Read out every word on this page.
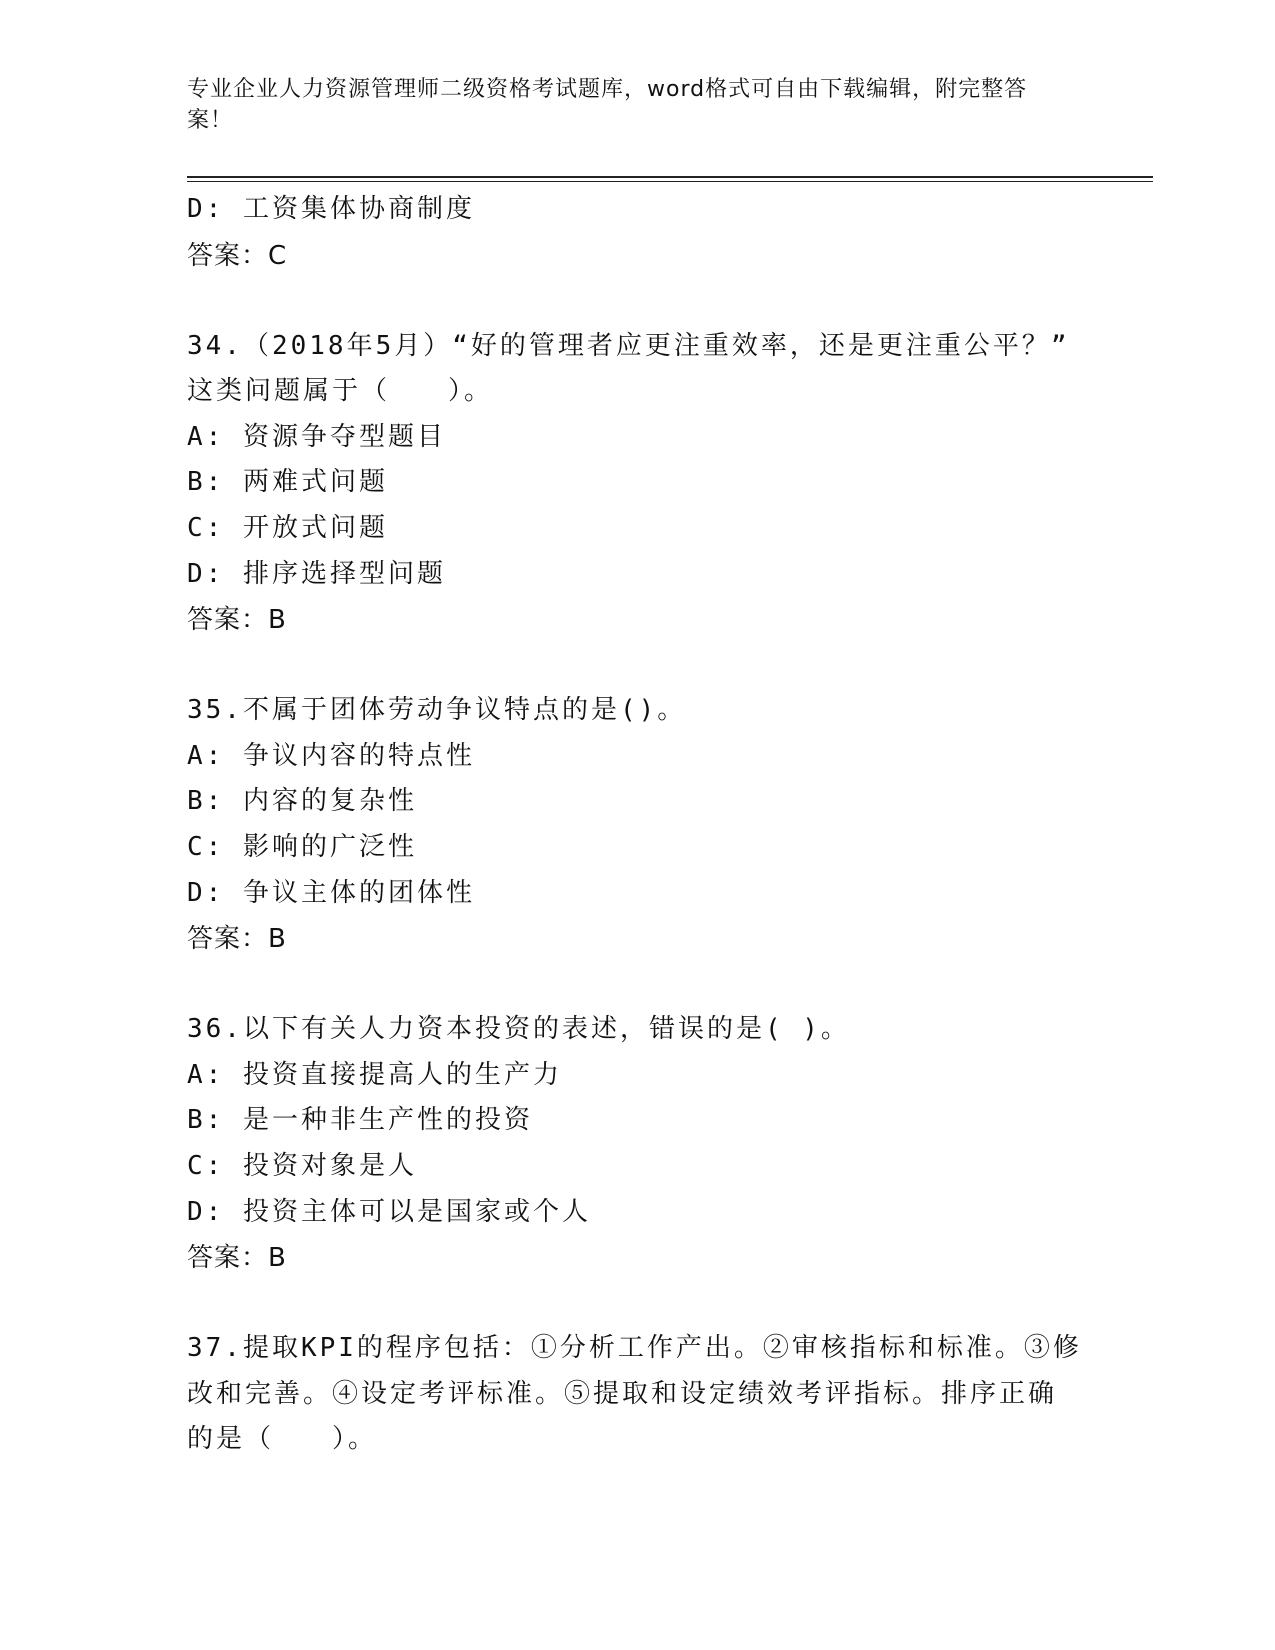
专业企业人力资源管理师二级资格考试题库，word格式可自由下载编辑，附完整答案！
D: 工资集体协商制度
答案：C
34.（2018年5月）“好的管理者应更注重效率，还是更注重公平？”
这类问题属于（　　）。
A: 资源争夺型题目
B: 两难式问题
C: 开放式问题
D: 排序选择型问题
答案：B
35.不属于团体劳动争议特点的是()。
A: 争议内容的特点性
B: 内容的复杂性
C: 影响的广泛性
D: 争议主体的团体性
答案：B
36.以下有关人力资本投资的表述，错误的是( )。
A: 投资直接提高人的生产力
B: 是一种非生产性的投资
C: 投资对象是人
D: 投资主体可以是国家或个人
答案：B
37.提取KPI的程序包括：①分析工作产出。②审核指标和标准。③修
改和完善。④设定考评标准。⑤提取和设定绩效考评指标。排序正确
的是（　　）。
